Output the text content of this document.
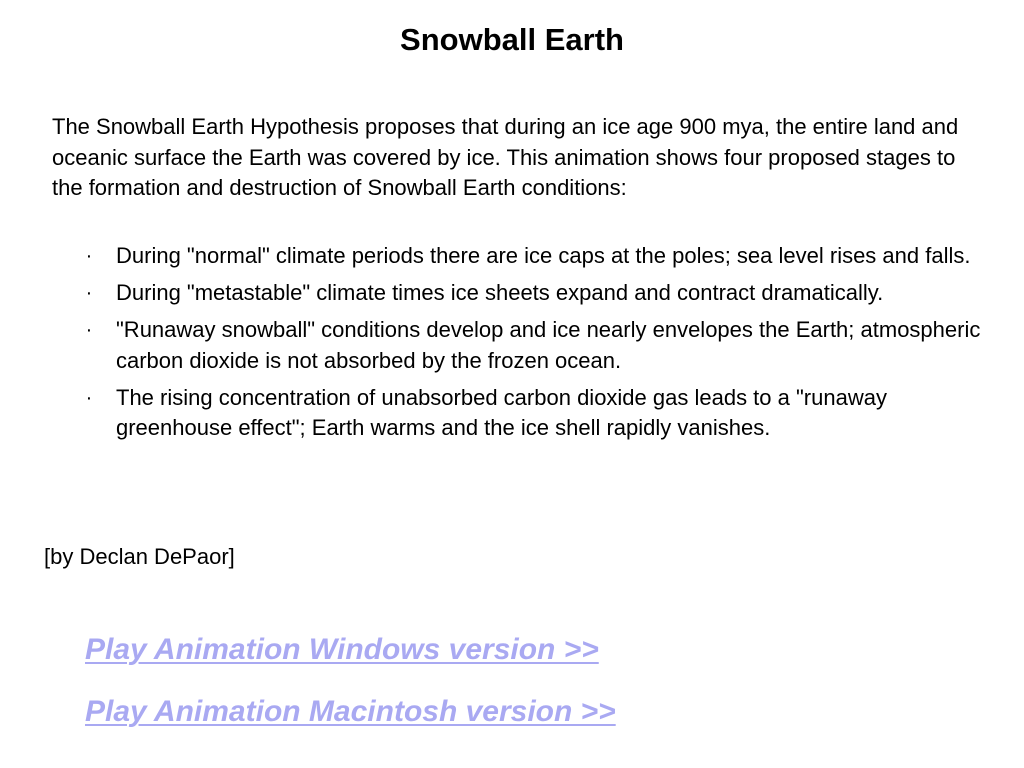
Snowball Earth

The Snowball Earth Hypothesis proposes that during an ice age 900 mya, the entire land and oceanic surface the Earth was covered by ice. This animation shows four proposed stages to the formation and destruction of Snowball Earth conditions:

· During "normal" climate periods there are ice caps at the poles; sea level rises and falls.
· During "metastable" climate times ice sheets expand and contract dramatically.
· "Runaway snowball" conditions develop and ice nearly envelopes the Earth; atmospheric carbon dioxide is not absorbed by the frozen ocean.
· The rising concentration of unabsorbed carbon dioxide gas leads to a "runaway greenhouse effect"; Earth warms and the ice shell rapidly vanishes.

[by Declan DePaor]

Play Animation Windows version >>
Play Animation Macintosh version >>
